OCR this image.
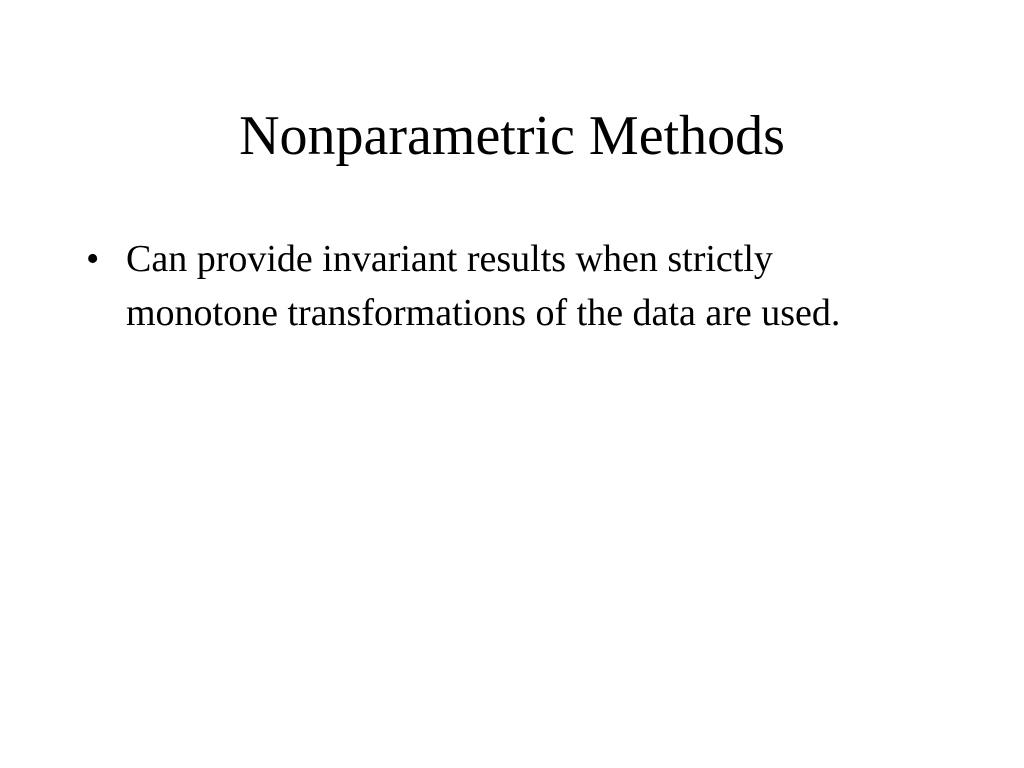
Nonparametric Methods
• Can provide invariant results when strictly monotone transformations of the data are used.
